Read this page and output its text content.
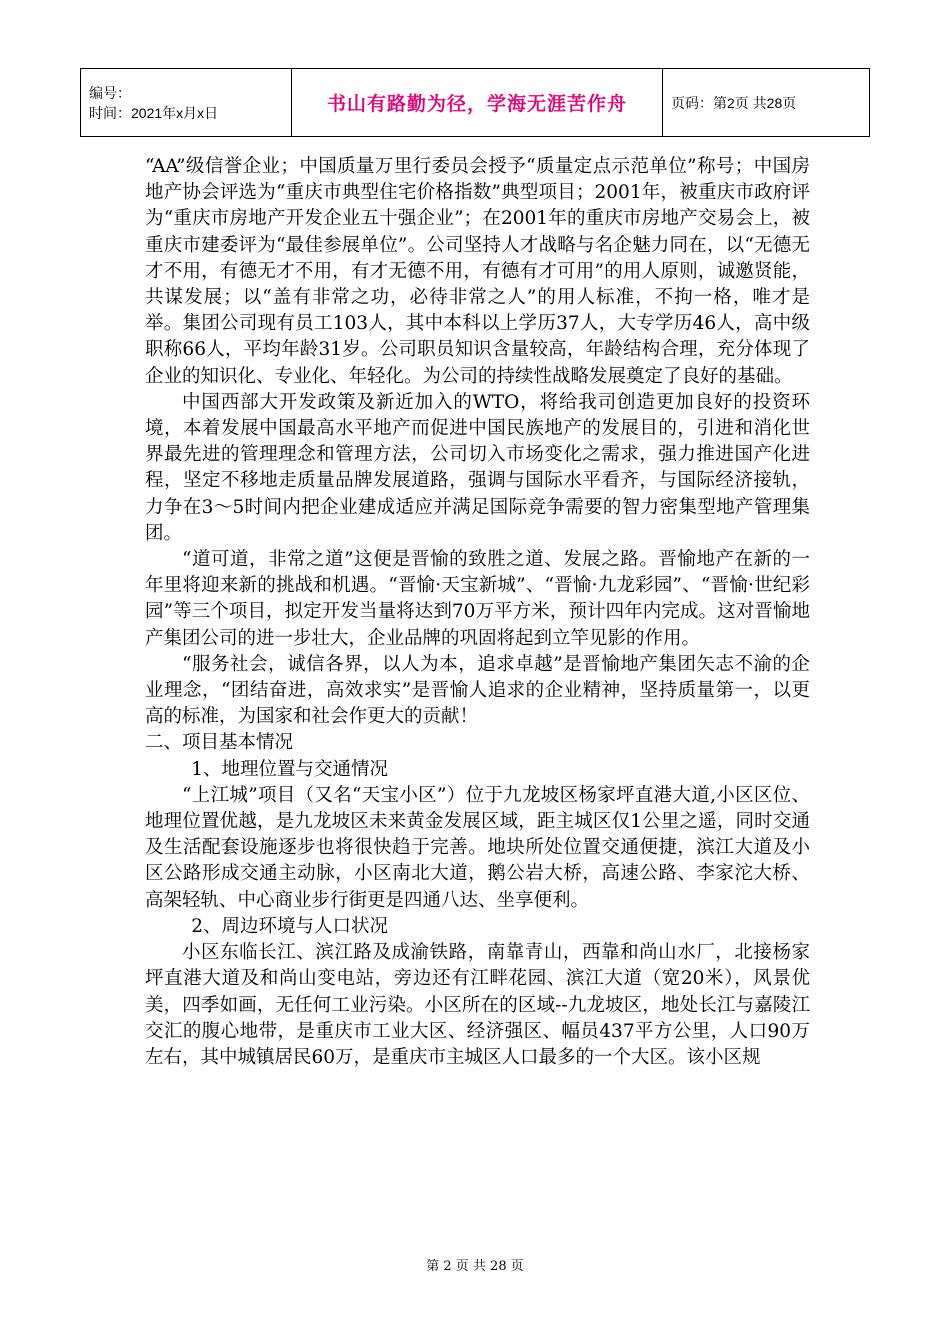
编号：
时间：2021年x月x日	书山有路勤为径，学海无涯苦作舟	页码：第2页 共28页

“AA”级信誉企业；中国质量万里行委员会授予“质量定点示范单位”称号；中国房地产协会评选为“重庆市典型住宅价格指数”典型项目；2001年，被重庆市政府评为“重庆市房地产开发企业五十强企业”；在2001年的重庆市房地产交易会上，被重庆市建委评为“最佳参展单位”。公司坚持人才战略与名企魅力同在，以“无德无才不用，有德无才不用，有才无德不用，有德有才可用”的用人原则，诚邀贤能，共谋发展；以“盖有非常之功，必待非常之人”的用人标准，不拘一格，唯才是举。集团公司现有员工103人，其中本科以上学历37人，大专学历46人，高中级职称66人，平均年龄31岁。公司职员知识含量较高，年龄结构合理，充分体现了企业的知识化、专业化、年轻化。为公司的持续性战略发展奠定了良好的基础。

中国西部大开发政策及新近加入的WTO，将给我司创造更加良好的投资环境，本着发展中国最高水平地产而促进中国民族地产的发展目的，引进和消化世界最先进的管理理念和管理方法，公司切入市场变化之需求，强力推进国产化进程，坚定不移地走质量品牌发展道路，强调与国际水平看齐，与国际经济接轨，力争在3～5时间内把企业建成适应并满足国际竞争需要的智力密集型地产管理集团。

“道可道，非常之道”这便是晋愉的致胜之道、发展之路。晋愉地产在新的一年里将迎来新的挑战和机遇。“晋愉·天宝新城”、“晋愉·九龙彩园”、“晋愉·世纪彩园”等三个项目，拟定开发当量将达到70万平方米，预计四年内完成。这对晋愉地产集团公司的进一步壮大，企业品牌的巩固将起到立竿见影的作用。

“服务社会，诚信各界，以人为本，追求卓越”是晋愉地产集团矢志不渝的企业理念，“团结奋进，高效求实”是晋愉人追求的企业精神，坚持质量第一，以更高的标准，为国家和社会作更大的贡献！

二、项目基本情况

1、地理位置与交通情况

“上江城”项目（又名“天宝小区”）位于九龙坡区杨家坪直港大道,小区区位、地理位置优越，是九龙坡区未来黄金发展区域，距主城区仅1公里之遥，同时交通及生活配套设施逐步也将很快趋于完善。地块所处位置交通便捷，滨江大道及小区公路形成交通主动脉，小区南北大道，鹅公岩大桥，高速公路、李家沱大桥、高架轻轨、中心商业步行街更是四通八达、坐享便利。

2、周边环境与人口状况

小区东临长江、滨江路及成渝铁路，南靠青山，西靠和尚山水厂，北接杨家坪直港大道及和尚山变电站，旁边还有江畔花园、滨江大道（宽20米），风景优美，四季如画，无任何工业污染。小区所在的区域--九龙坡区，地处长江与嘉陵江交汇的腹心地带，是重庆市工业大区、经济强区、幅员437平方公里，人口90万左右，其中城镇居民60万，是重庆市主城区人口最多的一个大区。该小区规

第 2 页 共 28 页
